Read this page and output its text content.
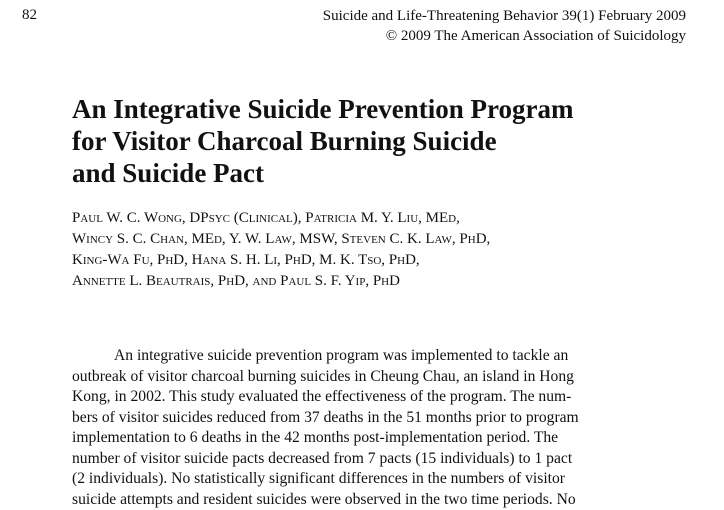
82	Suicide and Life-Threatening Behavior 39(1) February 2009
© 2009 The American Association of Suicidology
An Integrative Suicide Prevention Program
for Visitor Charcoal Burning Suicide
and Suicide Pact
Paul W. C. Wong, DPsyc (Clinical), Patricia M. Y. Liu, MEd,
Wincy S. C. Chan, MEd, Y. W. Law, MSW, Steven C. K. Law, PhD,
King-Wa Fu, PhD, Hana S. H. Li, PhD, M. K. Tso, PhD,
Annette L. Beautrais, PhD, and Paul S. F. Yip, PhD
An integrative suicide prevention program was implemented to tackle an
outbreak of visitor charcoal burning suicides in Cheung Chau, an island in Hong
Kong, in 2002. This study evaluated the effectiveness of the program. The num-
bers of visitor suicides reduced from 37 deaths in the 51 months prior to program
implementation to 6 deaths in the 42 months post-implementation period. The
number of visitor suicide pacts decreased from 7 pacts (15 individuals) to 1 pact
(2 individuals). No statistically significant differences in the numbers of visitor
suicide attempts and resident suicides were observed in the two time periods. No
